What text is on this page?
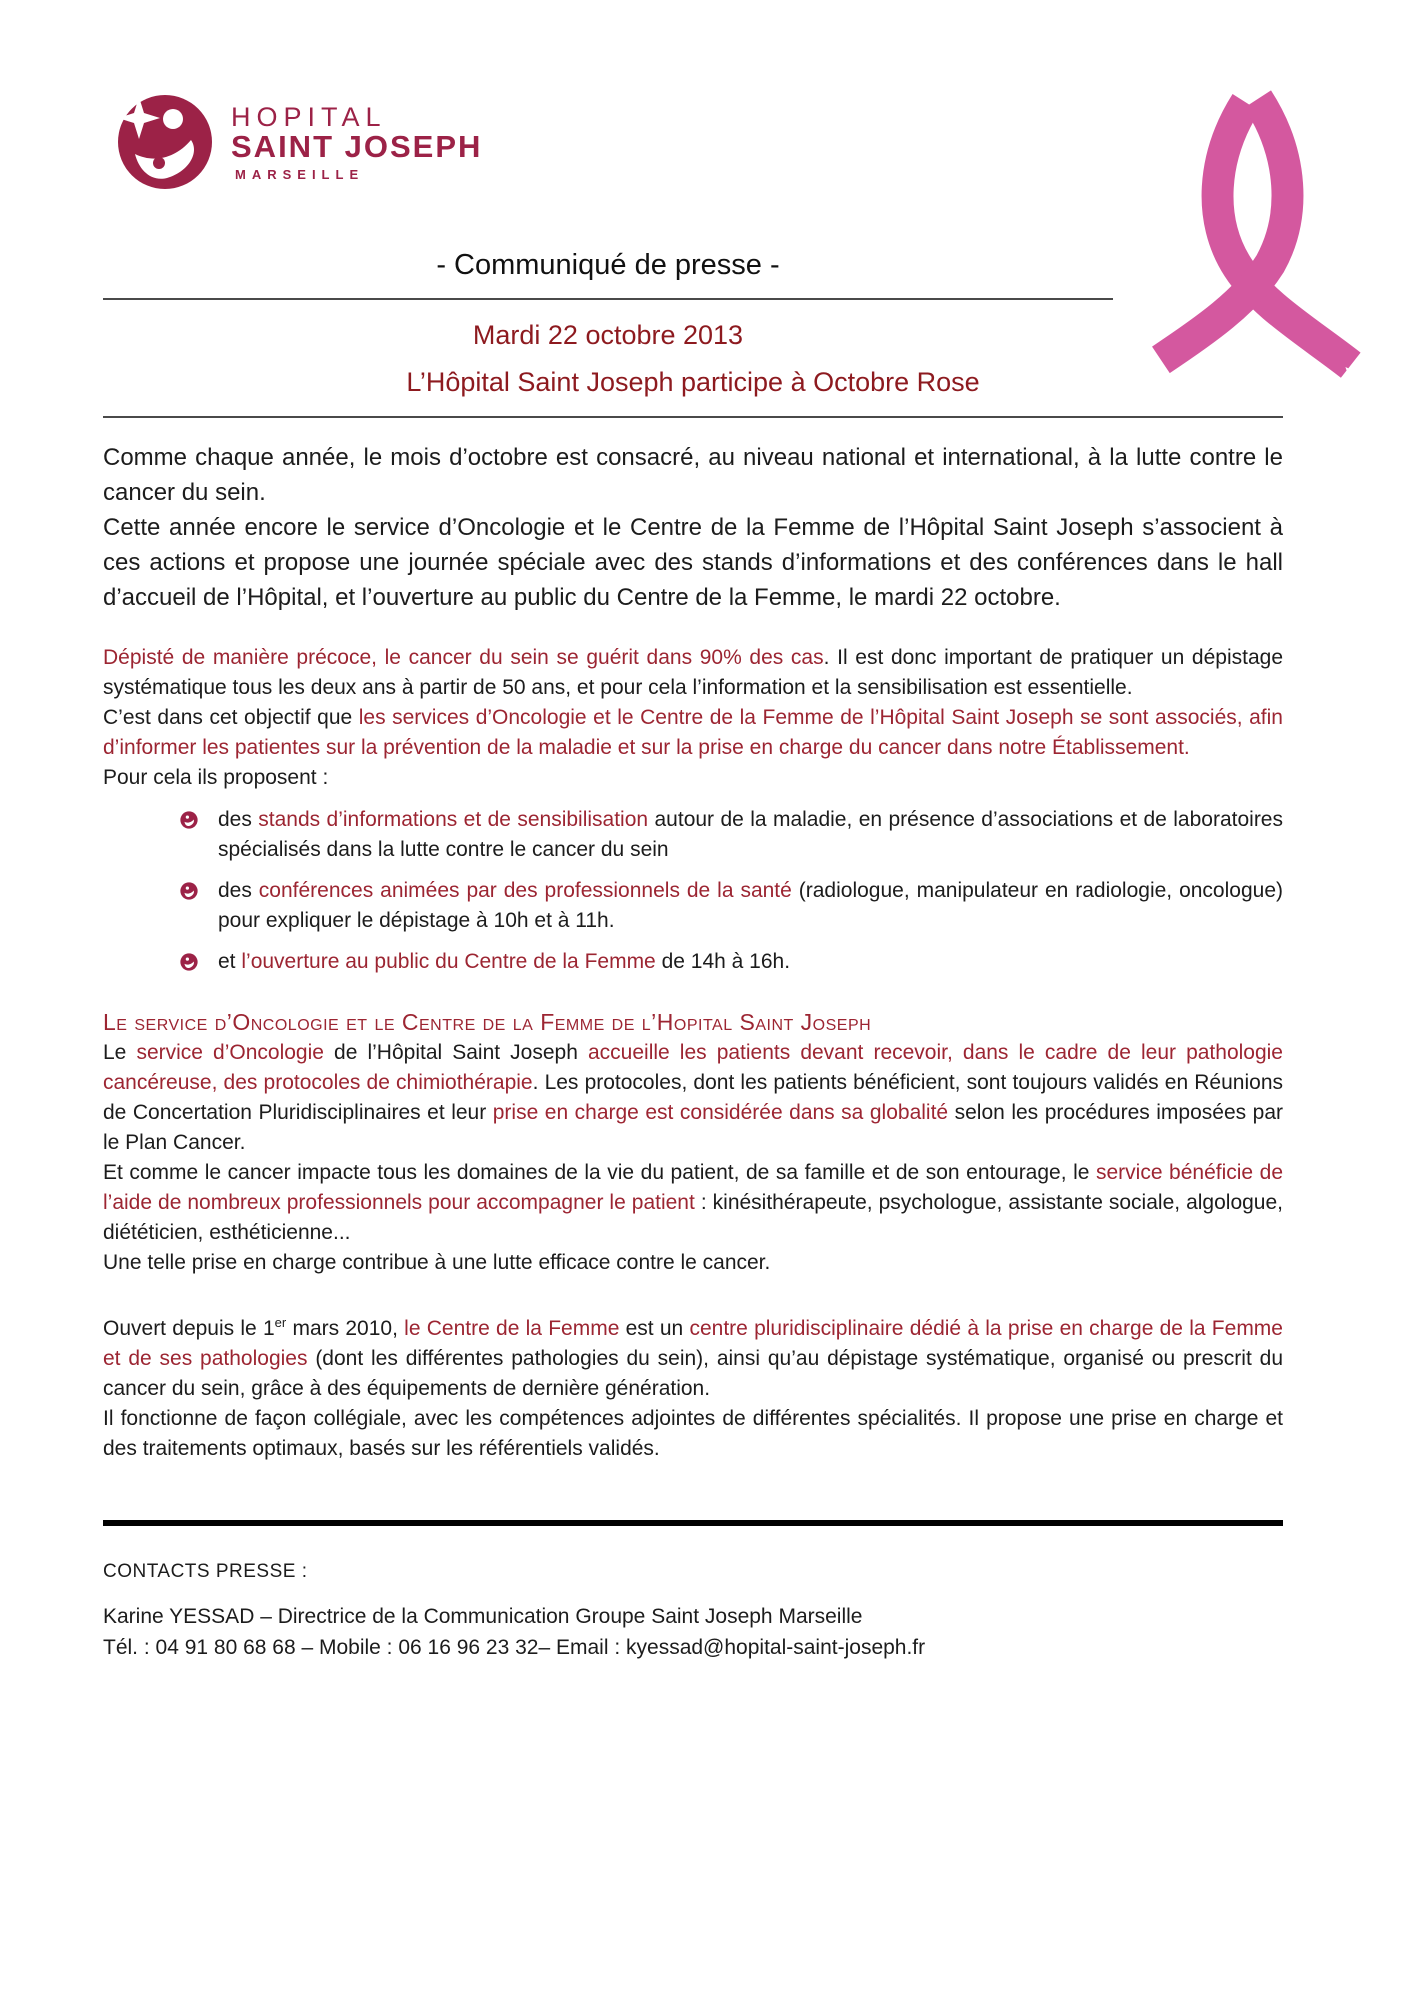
HOPITAL
SAINT JOSEPH
MARSEILLE
- Communiqué de presse -
Mardi 22 octobre 2013
L’Hôpital Saint Joseph participe à Octobre Rose

Comme chaque année, le mois d’octobre est consacré, au niveau national et international, à la lutte contre le cancer du sein.

Cette année encore le service d’Oncologie et le Centre de la Femme de l’Hôpital Saint Joseph s’associent à ces actions et propose une journée spéciale avec des stands d’informations et des conférences dans le hall d’accueil de l’Hôpital, et l’ouverture au public du Centre de la Femme, le mardi 22 octobre.

Dépisté de manière précoce, le cancer du sein se guérit dans 90% des cas. Il est donc important de pratiquer un dépistage systématique tous les deux ans à partir de 50 ans, et pour cela l’information et la sensibilisation est essentielle.

C’est dans cet objectif que les services d’Oncologie et le Centre de la Femme de l’Hôpital Saint Joseph se sont associés, afin d’informer les patientes sur la prévention de la maladie et sur la prise en charge du cancer dans notre Établissement.

Pour cela ils proposent :

des stands d’informations et de sensibilisation autour de la maladie, en présence d’associations et de laboratoires spécialisés dans la lutte contre le cancer du sein
des conférences animées par des professionnels de la santé (radiologue, manipulateur en radiologie, oncologue) pour expliquer le dépistage à 10h et à 11h.
et l’ouverture au public du Centre de la Femme de 14h à 16h.
Le service d’Oncologie et le Centre de la Femme de l’Hopital Saint Joseph

Le service d’Oncologie de l’Hôpital Saint Joseph accueille les patients devant recevoir, dans le cadre de leur pathologie cancéreuse, des protocoles de chimiothérapie. Les protocoles, dont les patients bénéficient, sont toujours validés en Réunions de Concertation Pluridisciplinaires et leur prise en charge est considérée dans sa globalité selon les procédures imposées par le Plan Cancer.

Et comme le cancer impacte tous les domaines de la vie du patient, de sa famille et de son entourage, le service bénéficie de l’aide de nombreux professionnels pour accompagner le patient : kinésithérapeute, psychologue, assistante sociale, algologue, diététicien, esthéticienne...

Une telle prise en charge contribue à une lutte efficace contre le cancer.

Ouvert depuis le 1er mars 2010, le Centre de la Femme est un centre pluridisciplinaire dédié à la prise en charge de la Femme et de ses pathologies (dont les différentes pathologies du sein), ainsi qu’au dépistage systématique, organisé ou prescrit du cancer du sein, grâce à des équipements de dernière génération.

Il fonctionne de façon collégiale, avec les compétences adjointes de différentes spécialités. Il propose une prise en charge et des traitements optimaux, basés sur les référentiels validés.

CONTACTS PRESSE :
Karine YESSAD – Directrice de la Communication Groupe Saint Joseph Marseille
Tél. : 04 91 80 68 68 – Mobile : 06 16 96 23 32– Email : kyessad@hopital-saint-joseph.fr
